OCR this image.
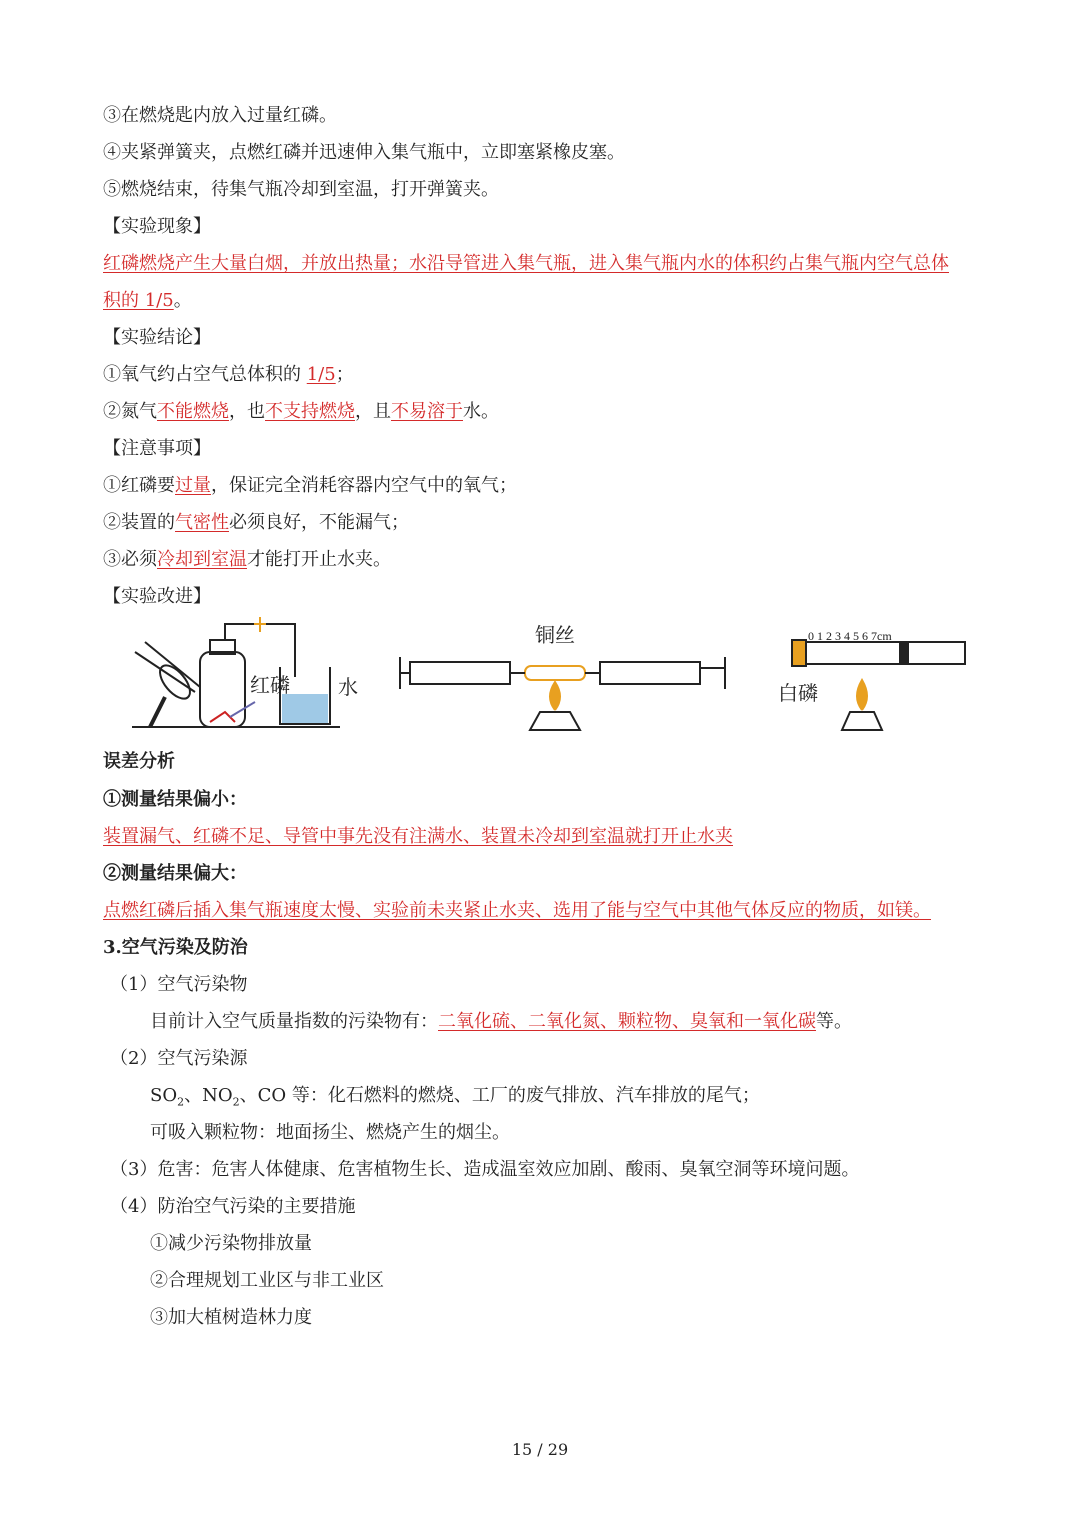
③在燃烧匙内放入过量红磷。
④夹紧弹簧夹，点燃红磷并迅速伸入集气瓶中，立即塞紧橡皮塞。
⑤燃烧结束，待集气瓶冷却到室温，打开弹簧夹。
【实验现象】
红磷燃烧产生大量白烟，并放出热量；水沿导管进入集气瓶，进入集气瓶内水的体积约占集气瓶内空气总体
积的 1/5。
【实验结论】
①氧气约占空气总体积的 1/5；
②氮气不能燃烧，也不支持燃烧，且不易溶于水。
【注意事项】
①红磷要过量，保证完全消耗容器内空气中的氧气；
②装置的气密性必须良好，不能漏气；
③必须冷却到室温才能打开止水夹。
【实验改进】
红磷 水
铜丝	0 1 2 3 4 5 6 7cm
白磷
误差分析
①测量结果偏小：
装置漏气、红磷不足、导管中事先没有注满水、装置未冷却到室温就打开止水夹
②测量结果偏大：
点燃红磷后插入集气瓶速度太慢、实验前未夹紧止水夹、选用了能与空气中其他气体反应的物质，如镁。
3.空气污染及防治
（1）空气污染物
目前计入空气质量指数的污染物有：二氧化硫、二氧化氮、颗粒物、臭氧和一氧化碳等。
（2）空气污染源
$SO_2$、$NO_2$、CO 等：化石燃料的燃烧、工厂的废气排放、汽车排放的尾气；
可吸入颗粒物：地面扬尘、燃烧产生的烟尘。
（3）危害：危害人体健康、危害植物生长、造成温室效应加剧、酸雨、臭氧空洞等环境问题。
（4）防治空气污染的主要措施
①减少污染物排放量
②合理规划工业区与非工业区
③加大植树造林力度
15 / 29
